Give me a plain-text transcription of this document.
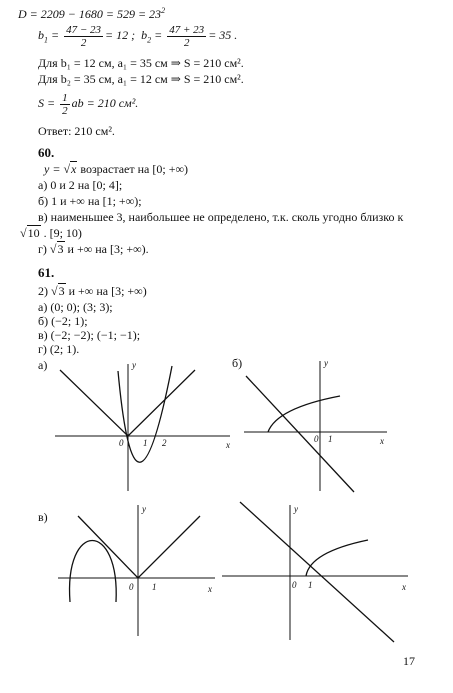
$D = 2209 - 1680 = 529 = 23^2$
$b_1 = \frac{47 - 23}{2} = 12$ ; $b_2 = \frac{47 + 23}{2} = 35$ .
Для b₁ = 12 см, a₁ = 35 см ⇒ S = 210 см².
Для b₂ = 35 см, a₁ = 12 см ⇒ S = 210 см².
$S = \frac{1}{2}$ ab = 210 см².
Ответ: 210 см².
60.
y = √x возрастает на [0; +∞)
а) 0 и 2 на [0; 4];
б) 1 и +∞ на [1; +∞);
в) наименьшее 3, наибольшее не определено, т.к. сколь угодно близко к
√10 . [9; 10)
г) √3 и +∞ на [3; +∞).
61.
2) √3 и +∞ на [3; +∞)
а) (0; 0); (3; 3);
б) (−2; 1);
в) (−2; −2); (−1; −1);
г) (2; 1).
а)	y
x
0 1 2
б)	y
x
0 1
в)
y
x
0 1
y
x
0 1
17
